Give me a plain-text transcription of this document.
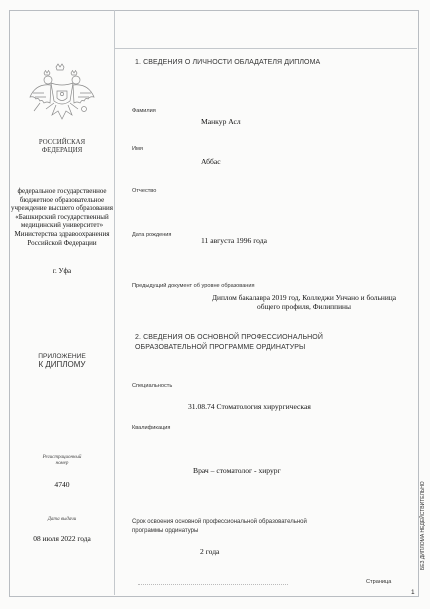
РОССИЙСКАЯ
ФЕДЕРАЦИЯ
федеральное государственное
бюджетное образовательное
учреждение высшего образования
«Башкирский государственный
медицинский университет»
Министерства здравоохранения
Российской Федерации
г. Уфа
ПРИЛОЖЕНИЕ
К ДИПЛОМУ
Регистрационный
номер
4740
Дата выдачи
08 июля 2022 года
1. СВЕДЕНИЯ О ЛИЧНОСТИ ОБЛАДАТЕЛЯ ДИПЛОМА
Фамилия
Манкур Асл
Имя
Аббас
Отчество
Дата рождения
11 августа 1996 года
Предыдущий документ об уровне образования
Диплом бакалавра 2019 год, Колледжи Унчано и больница
общего профиля, Филиппины
2. СВЕДЕНИЯ ОБ ОСНОВНОЙ ПРОФЕССИОНАЛЬНОЙ
ОБРАЗОВАТЕЛЬНОЙ ПРОГРАММЕ ОРДИНАТУРЫ
Специальность
31.08.74 Стоматология хирургическая
Квалификация
Врач – стоматолог - хирург
Срок освоения основной профессиональной образовательной
программы ординатуры
2 года
Страница
1
БЕЗ ДИПЛОМА НЕДЕЙСТВИТЕЛЬНО
